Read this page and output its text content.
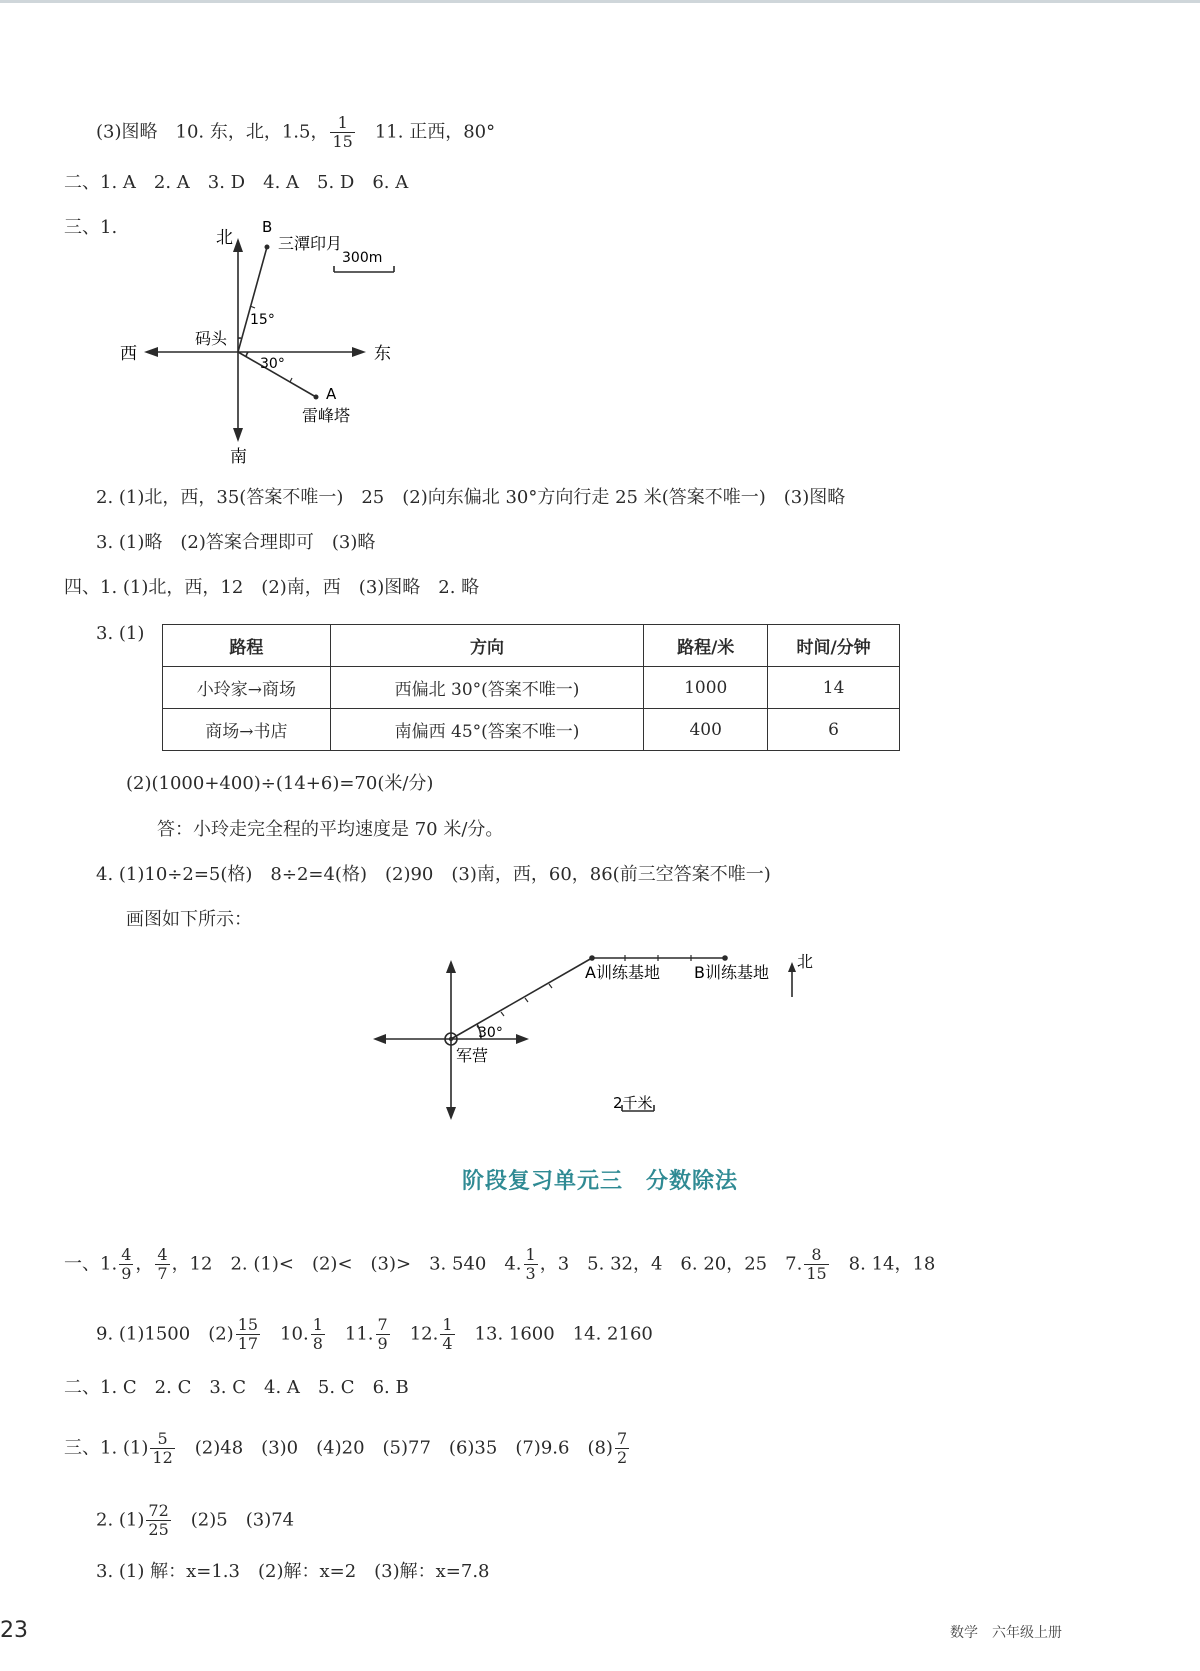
(3)图略　10. 东，北，1.5， $\frac{1}{15}$ 　11. 正西，80°
二、1. A　2. A　3. D　4. A　5. D　6. A
三、1.	北
南
东
西
码头
B
三潭印月
A
雷峰塔
15°
30°
300m
2. (1)北，西，35(答案不唯一)　25　(2)向东偏北 30°方向行走 25 米(答案不唯一)　(3)图略
3. (1)略　(2)答案合理即可　(3)略
四、1. (1)北，西，12　(2)南，西　(3)图略　2. 略
3. (1)
路程	方向	路程/米	时间/分钟
小玲家→商场	西偏北 30°(答案不唯一)	1000	14
商场→书店	南偏西 45°(答案不唯一)	400	6
(2)(1000+400)÷(14+6)=70(米/分)
答：小玲走完全程的平均速度是 70 米/分。
4. (1)10÷2=5(格)　8÷2=4(格)　(2)90　(3)南，西，60，86(前三空答案不唯一)
画图如下所示：
A训练基地 B训练基地
北
30°
军营
2千米
阶段复习单元三　分数除法
一、1. $\frac{4}{9}$ ， $\frac{4}{7}$ ，12　2. (1)<　(2)<　(3)>　3. 540　4. $\frac{1}{3}$ ，3　5. 32，4　6. 20，25　7. $\frac{8}{15}$ 　8. 14，18
9. (1)1500　$(2) \frac{15}{17}$ 　10. $\frac{1}{8}$ 　11. $\frac{7}{9}$ 　12. $\frac{1}{4}$ 　13. 1600　14. 2160
二、1. C　2. C　3. C　4. A　5. C　6. B
三、1. $(1) \frac{5}{12}$ 　(2)48　(3)0　(4)20　(5)77　(6)35　(7)9.6　$(8) \frac{7}{2}$
2. $(1) \frac{72}{25}$ 　(2)5　(3)74
3. (1) 解：x=1.3　(2)解：x=2　(3)解：x=7.8
23	数学　六年级上册
